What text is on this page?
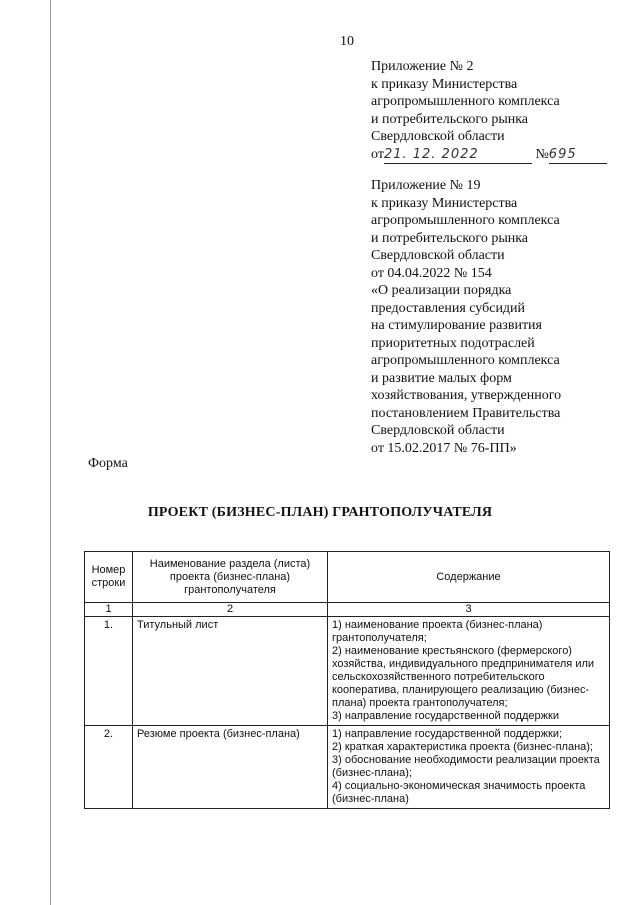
10
Приложение № 2
к приказу Министерства
агропромышленного комплекса
и потребительского рынка
Свердловской области
от21. 12. 2022	№695
Приложение № 19
к приказу Министерства
агропромышленного комплекса
и потребительского рынка
Свердловской области
от 04.04.2022 № 154
«О реализации порядка
предоставления субсидий
на стимулирование развития
приоритетных подотраслей
агропромышленного комплекса
и развитие малых форм
хозяйствования, утвержденного
постановлением Правительства
Свердловской области
от 15.02.2017 № 76-ПП»
Форма
ПРОЕКТ (БИЗНЕС-ПЛАН) ГРАНТОПОЛУЧАТЕЛЯ
Номер строки	Наименование раздела (листа) проекта (бизнес-плана) грантополучателя	Содержание
1	2	3
1.	Титульный лист	1) наименование проекта (бизнес-плана) грантополучателя;
2) наименование крестьянского (фермерского) хозяйства, индивидуального предпринимателя или сельскохозяйственного потребительского кооператива, планирующего реализацию (бизнес-плана) проекта грантополучателя;
3) направление государственной поддержки

2.	Резюме проекта (бизнес-плана)	1) направление государственной поддержки;
2) краткая характеристика проекта (бизнес-плана);
3) обоснование необходимости реализации проекта (бизнес-плана);
4) социально-экономическая значимость проекта (бизнес-плана)
